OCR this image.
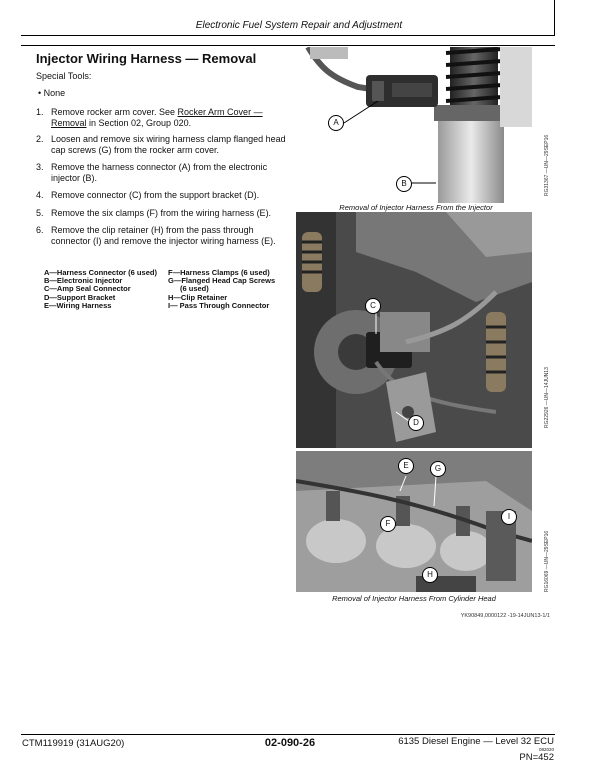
Electronic Fuel System Repair and Adjustment
Injector Wiring Harness — Removal
Special Tools:
• None
1. Remove rocker arm cover. See Rocker Arm Cover — Removal in Section 02, Group 020.
2. Loosen and remove six wiring harness clamp flanged head cap screws (G) from the rocker arm cover.
3. Remove the harness connector (A) from the electronic injector (B).
4. Remove connector (C) from the support bracket (D).
5. Remove the six clamps (F) from the wiring harness (E).
6. Remove the clip retainer (H) from the pass through connector (I) and remove the injector wiring harness (E).
A—Harness Connector (6 used)
B—Electronic Injector
C—Amp Seal Connector
D—Support Bracket
E—Wiring Harness
F—Harness Clamps (6 used)
G—Flanged Head Cap Screws
(6 used)
H—Clip Retainer
I— Pass Through Connector
A
B
Removal of Injector Harness From the Injector
RG31367 —UN—29SEP16
C
D	RG22926 —UN—14JUN13
E	G
F
I
H
Removal of Injector Harness From Cylinder Head
RG16069 —UN—29SEP16
YK90849,0000122 -19-14JUN13-1/1
CTM119919 (31AUG20)	02-090-26	6135 Diesel Engine — Level 32 ECU
082020
PN=452
